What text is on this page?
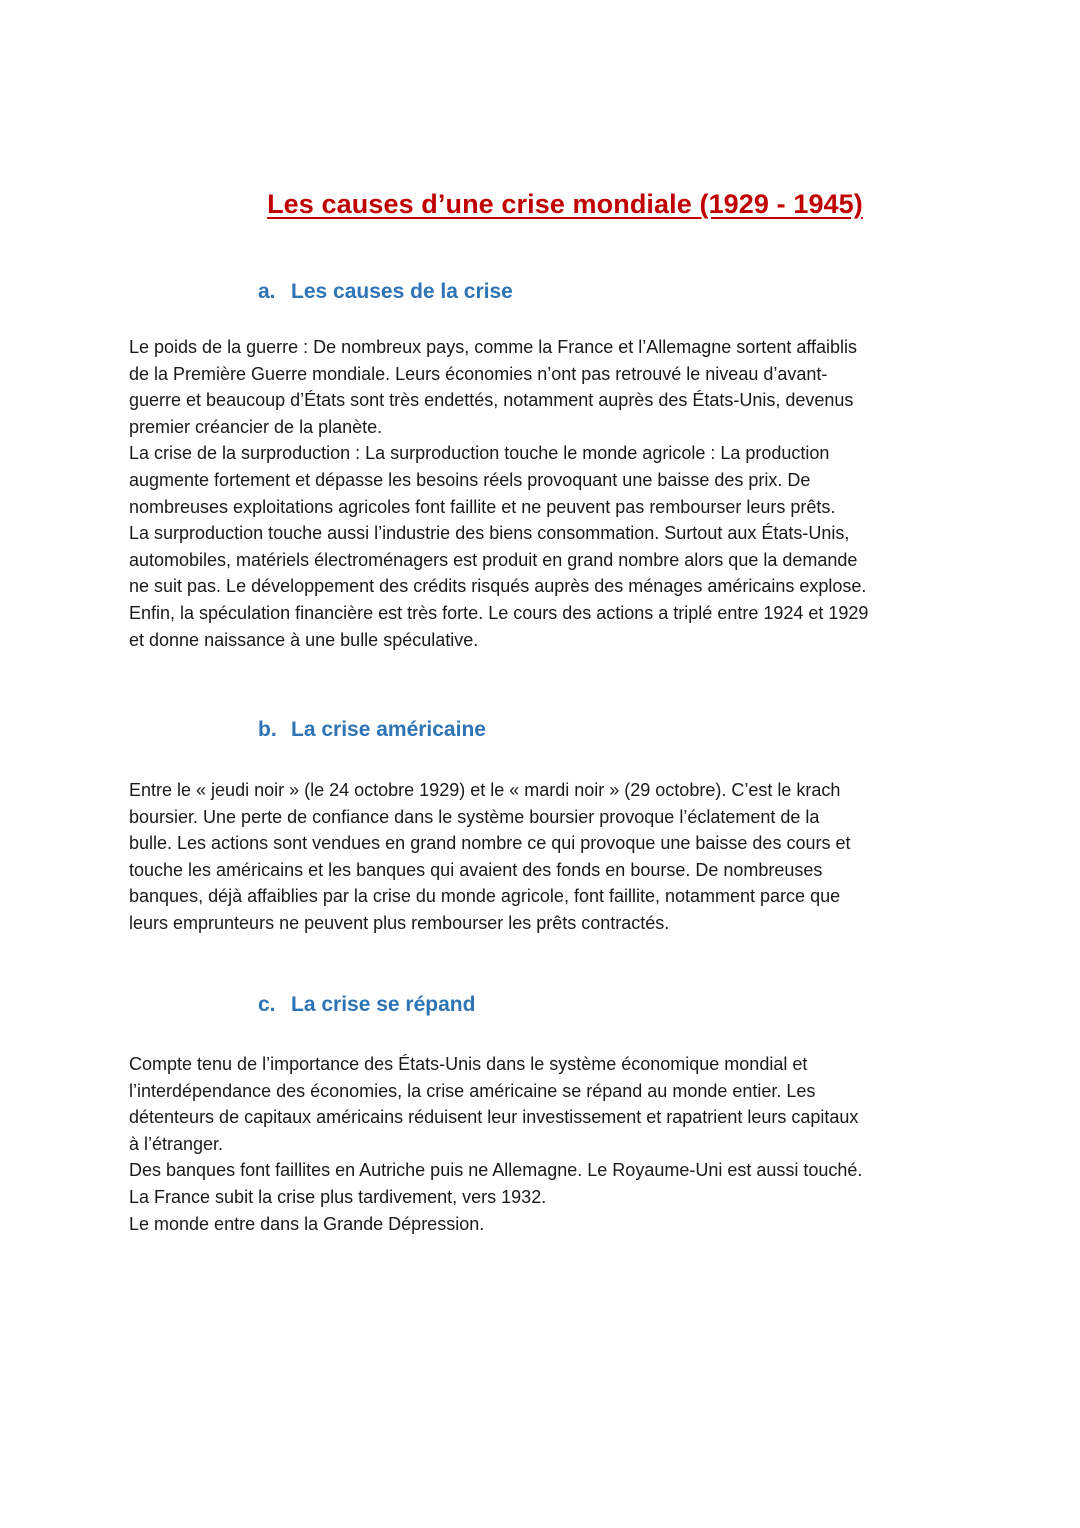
Les causes d’une crise mondiale (1929 - 1945)
a. Les causes de la crise
Le poids de la guerre : De nombreux pays, comme la France et l’Allemagne sortent affaiblis
de la Première Guerre mondiale. Leurs économies n’ont pas retrouvé le niveau d’avant-
guerre et beaucoup d’États sont très endettés, notamment auprès des États-Unis, devenus
premier créancier de la planète.
La crise de la surproduction : La surproduction touche le monde agricole : La production
augmente fortement et dépasse les besoins réels provoquant une baisse des prix. De
nombreuses exploitations agricoles font faillite et ne peuvent pas rembourser leurs prêts.
La surproduction touche aussi l’industrie des biens consommation. Surtout aux États-Unis,
automobiles, matériels électroménagers est produit en grand nombre alors que la demande
ne suit pas. Le développement des crédits risqués auprès des ménages américains explose.
Enfin, la spéculation financière est très forte. Le cours des actions a triplé entre 1924 et 1929
et donne naissance à une bulle spéculative.
b. La crise américaine
Entre le « jeudi noir » (le 24 octobre 1929) et le « mardi noir » (29 octobre). C’est le krach
boursier. Une perte de confiance dans le système boursier provoque l’éclatement de la
bulle. Les actions sont vendues en grand nombre ce qui provoque une baisse des cours et
touche les américains et les banques qui avaient des fonds en bourse. De nombreuses
banques, déjà affaiblies par la crise du monde agricole, font faillite, notamment parce que
leurs emprunteurs ne peuvent plus rembourser les prêts contractés.
c. La crise se répand
Compte tenu de l’importance des États-Unis dans le système économique mondial et
l’interdépendance des économies, la crise américaine se répand au monde entier. Les
détenteurs de capitaux américains réduisent leur investissement et rapatrient leurs capitaux
à l’étranger.
Des banques font faillites en Autriche puis ne Allemagne. Le Royaume-Uni est aussi touché.
La France subit la crise plus tardivement, vers 1932.
Le monde entre dans la Grande Dépression.
